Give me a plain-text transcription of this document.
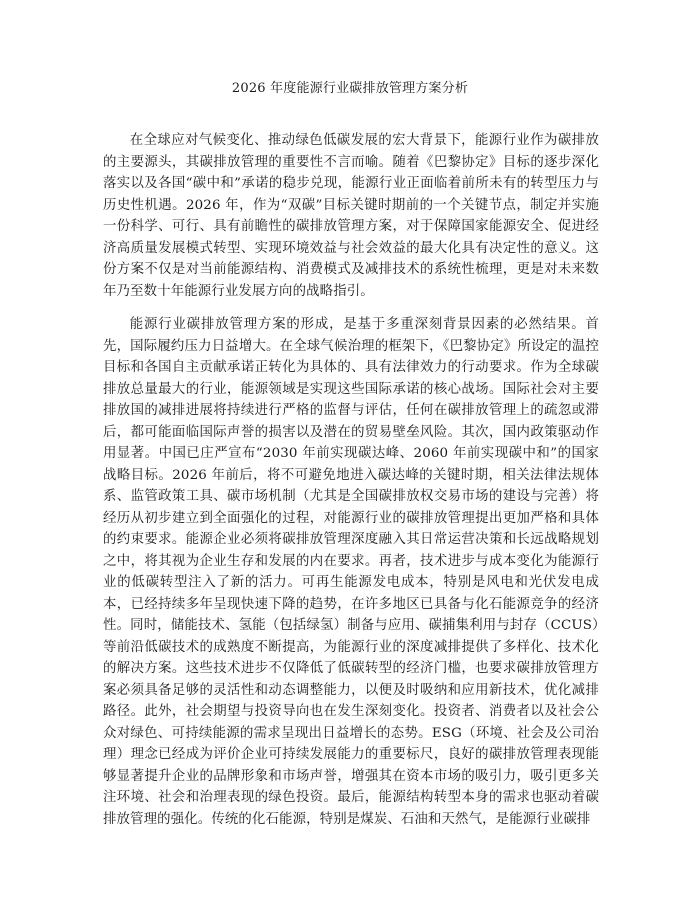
2026 年度能源行业碳排放管理方案分析

在全球应对气候变化、推动绿色低碳发展的宏大背景下，能源行业作为碳排放的主要源头，其碳排放管理的重要性不言而喻。随着《巴黎协定》目标的逐步深化落实以及各国“碳中和”承诺的稳步兑现，能源行业正面临着前所未有的转型压力与历史性机遇。2026 年，作为“双碳”目标关键时期前的一个关键节点，制定并实施一份科学、可行、具有前瞻性的碳排放管理方案，对于保障国家能源安全、促进经济高质量发展模式转型、实现环境效益与社会效益的最大化具有决定性的意义。这份方案不仅是对当前能源结构、消费模式及减排技术的系统性梳理，更是对未来数年乃至数十年能源行业发展方向的战略指引。

能源行业碳排放管理方案的形成，是基于多重深刻背景因素的必然结果。首先，国际履约压力日益增大。在全球气候治理的框架下，《巴黎协定》所设定的温控目标和各国自主贡献承诺正转化为具体的、具有法律效力的行动要求。作为全球碳排放总量最大的行业，能源领域是实现这些国际承诺的核心战场。国际社会对主要排放国的减排进展将持续进行严格的监督与评估，任何在碳排放管理上的疏忽或滞后，都可能面临国际声誉的损害以及潜在的贸易壁垒风险。其次，国内政策驱动作用显著。中国已庄严宣布“2030 年前实现碳达峰、2060 年前实现碳中和”的国家战略目标。2026 年前后，将不可避免地进入碳达峰的关键时期，相关法律法规体系、监管政策工具、碳市场机制（尤其是全国碳排放权交易市场的建设与完善）将经历从初步建立到全面强化的过程，对能源行业的碳排放管理提出更加严格和具体的约束要求。能源企业必须将碳排放管理深度融入其日常运营决策和长远战略规划之中，将其视为企业生存和发展的内在要求。再者，技术进步与成本变化为能源行业的低碳转型注入了新的活力。可再生能源发电成本，特别是风电和光伏发电成本，已经持续多年呈现快速下降的趋势，在许多地区已具备与化石能源竞争的经济性。同时，储能技术、氢能（包括绿氢）制备与应用、碳捕集利用与封存（CCUS）等前沿低碳技术的成熟度不断提高，为能源行业的深度减排提供了多样化、技术化的解决方案。这些技术进步不仅降低了低碳转型的经济门槛，也要求碳排放管理方案必须具备足够的灵活性和动态调整能力，以便及时吸纳和应用新技术，优化减排路径。此外，社会期望与投资导向也在发生深刻变化。投资者、消费者以及社会公众对绿色、可持续能源的需求呈现出日益增长的态势。ESG（环境、社会及公司治理）理念已经成为评价企业可持续发展能力的重要标尺，良好的碳排放管理表现能够显著提升企业的品牌形象和市场声誉，增强其在资本市场的吸引力，吸引更多关注环境、社会和治理表现的绿色投资。最后，能源结构转型本身的需求也驱动着碳排放管理的强化。传统的化石能源，特别是煤炭、石油和天然气，是能源行业碳排
